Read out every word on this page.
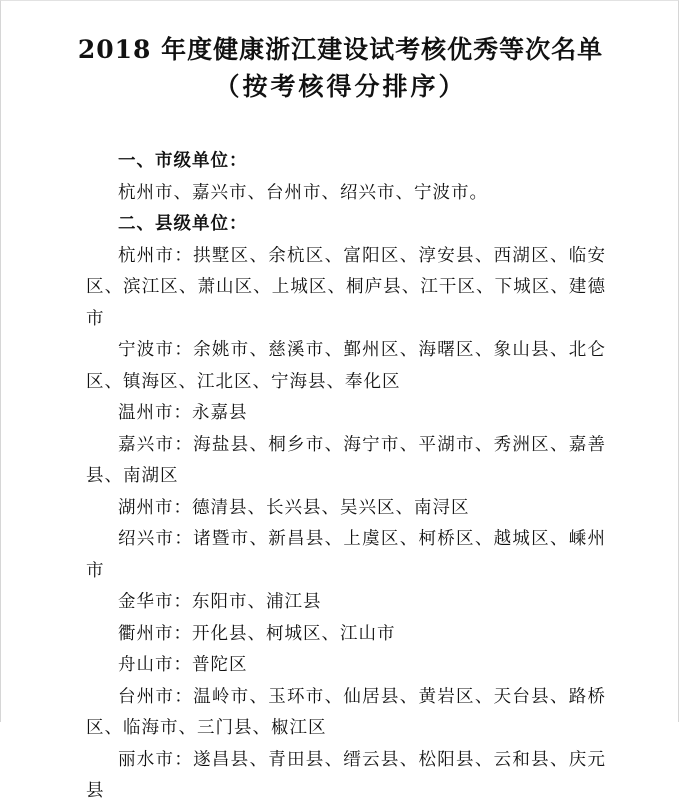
2018 年度健康浙江建设试考核优秀等次名单
（按考核得分排序）

一、市级单位：

杭州市、嘉兴市、台州市、绍兴市、宁波市。

二、县级单位：

杭州市：拱墅区、余杭区、富阳区、淳安县、西湖区、临安区、滨江区、萧山区、上城区、桐庐县、江干区、下城区、建德市

宁波市：余姚市、慈溪市、鄞州区、海曙区、象山县、北仑区、镇海区、江北区、宁海县、奉化区

温州市：永嘉县

嘉兴市：海盐县、桐乡市、海宁市、平湖市、秀洲区、嘉善县、南湖区

湖州市：德清县、长兴县、吴兴区、南浔区

绍兴市：诸暨市、新昌县、上虞区、柯桥区、越城区、嵊州市

金华市：东阳市、浦江县

衢州市：开化县、柯城区、江山市

舟山市：普陀区

台州市：温岭市、玉环市、仙居县、黄岩区、天台县、路桥区、临海市、三门县、椒江区

丽水市：遂昌县、青田县、缙云县、松阳县、云和县、庆元县
